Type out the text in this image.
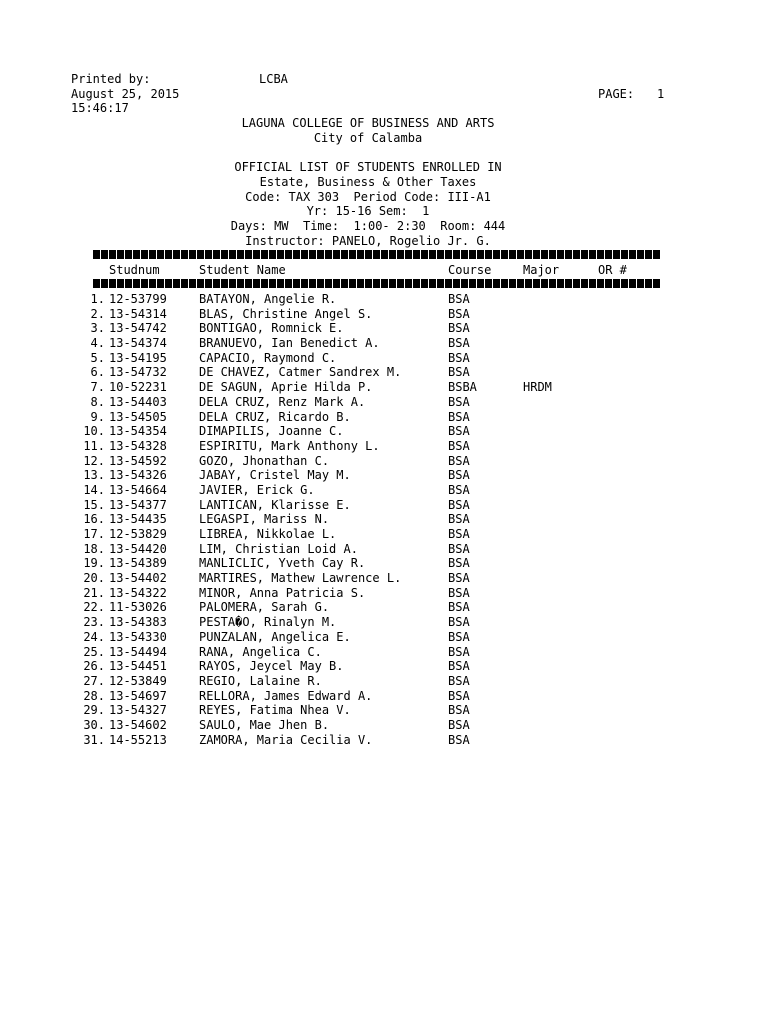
Printed by:	LCBA
August 25, 2015
15:46:17
PAGE: 1
LAGUNA COLLEGE OF BUSINESS AND ARTS
City of Calamba
OFFICIAL LIST OF STUDENTS ENROLLED IN
Estate, Business & Other Taxes
Code: TAX 303  Period Code: III-A1
Yr: 15-16 Sem:  1
Days: MW  Time:  1:00- 2:30  Room: 444
Instructor: PANELO, Rogelio Jr. G.
Studnum	Student Name	Course	Major	OR #
1. 12-53799	BATAYON, Angelie R.	BSA
2. 13-54314	BLAS, Christine Angel S.	BSA
3. 13-54742	BONTIGAO, Romnick E.	BSA
4. 13-54374	BRANUEVO, Ian Benedict A.	BSA
5. 13-54195	CAPACIO, Raymond C.	BSA
6. 13-54732	DE CHAVEZ, Catmer Sandrex M.	BSA
7. 10-52231	DE SAGUN, Aprie Hilda P.	BSBA	HRDM
8. 13-54403	DELA CRUZ, Renz Mark A.	BSA
9. 13-54505	DELA CRUZ, Ricardo B.	BSA
10. 13-54354	DIMAPILIS, Joanne C.	BSA
11. 13-54328	ESPIRITU, Mark Anthony L.	BSA
12. 13-54592	GOZO, Jhonathan C.	BSA
13. 13-54326	JABAY, Cristel May M.	BSA
14. 13-54664	JAVIER, Erick G.	BSA
15. 13-54377	LANTICAN, Klarisse E.	BSA
16. 13-54435	LEGASPI, Mariss N.	BSA
17. 12-53829	LIBREA, Nikkolae L.	BSA
18. 13-54420	LIM, Christian Loid A.	BSA
19. 13-54389	MANLICLIC, Yveth Cay R.	BSA
20. 13-54402	MARTIRES, Mathew Lawrence L.	BSA
21. 13-54322	MINOR, Anna Patricia S.	BSA
22. 11-53026	PALOMERA, Sarah G.	BSA
23. 13-54383	PESTA�O, Rinalyn M.	BSA
24. 13-54330	PUNZALAN, Angelica E.	BSA
25. 13-54494	RANA, Angelica C.	BSA
26. 13-54451	RAYOS, Jeycel May B.	BSA
27. 12-53849	REGIO, Lalaine R.	BSA
28. 13-54697	RELLORA, James Edward A.	BSA
29. 13-54327	REYES, Fatima Nhea V.	BSA
30. 13-54602	SAULO, Mae Jhen B.	BSA
31. 14-55213	ZAMORA, Maria Cecilia V.	BSA
